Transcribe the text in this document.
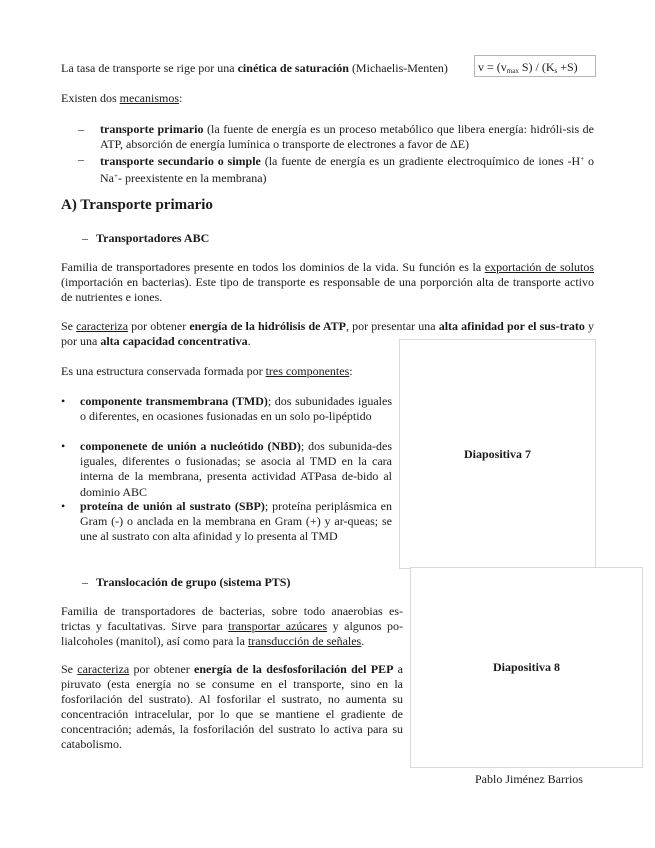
La tasa de transporte se rige por una cinética de saturación (Michaelis-Menten)	$v = (v_{max}$ $S) / (K_s +S)$

Existen dos mecanismos:

– transporte primario (la fuente de energía es un proceso metabólico que libera energía: hidróli-sis de ATP, absorción de energía lumínica o transporte de electrones a favor de ΔE)
– transporte secundario o simple (la fuente de energía es un gradiente electroquímico de iones -H+ o Na+- preexistente en la membrana)
A) Transporte primario
– Transportadores ABC

Familia de transportadores presente en todos los dominios de la vida. Su función es la exportación de solutos (importación en bacterias). Este tipo de transporte es responsable de una porporción alta de transporte activo de nutrientes e iones.

Se caracteriza por obtener energía de la hidrólisis de ATP, por presentar una alta afinidad por el sus-trato y por una alta capacidad concentrativa.

Es una estructura conservada formada por tres componentes:

• componente transmembrana (TMD); dos subunidades iguales o diferentes, en ocasiones fusionadas en un solo po-lipéptido
• componenete de unión a nucleótido (NBD); dos subunida-des iguales, diferentes o fusionadas; se asocia al TMD en la cara interna de la membrana, presenta actividad ATPasa de-bido al dominio ABC
• proteína de unión al sustrato (SBP); proteína periplásmica en Gram (-) o anclada en la membrana en Gram (+) y ar-queas; se une al sustrato con alta afinidad y lo presenta al TMD
– Translocación de grupo (sistema PTS)

Familia de transportadores de bacterias, sobre todo anaerobias es-trictas y facultativas. Sirve para transportar azúcares y algunos po-lialcoholes (manitol), así como para la transducción de señales.

Se caracteriza por obtener energía de la desfosforilación del PEP a piruvato (esta energía no se consume en el transporte, sino en la fosforilación del sustrato). Al fosforilar el sustrato, no aumenta su concentración intracelular, por lo que se mantiene el gradiente de concentración; además, la fosforilación del sustrato lo activa para su catabolismo.

Diapositiva 7
Diapositiva 8
Pablo Jiménez Barrios
